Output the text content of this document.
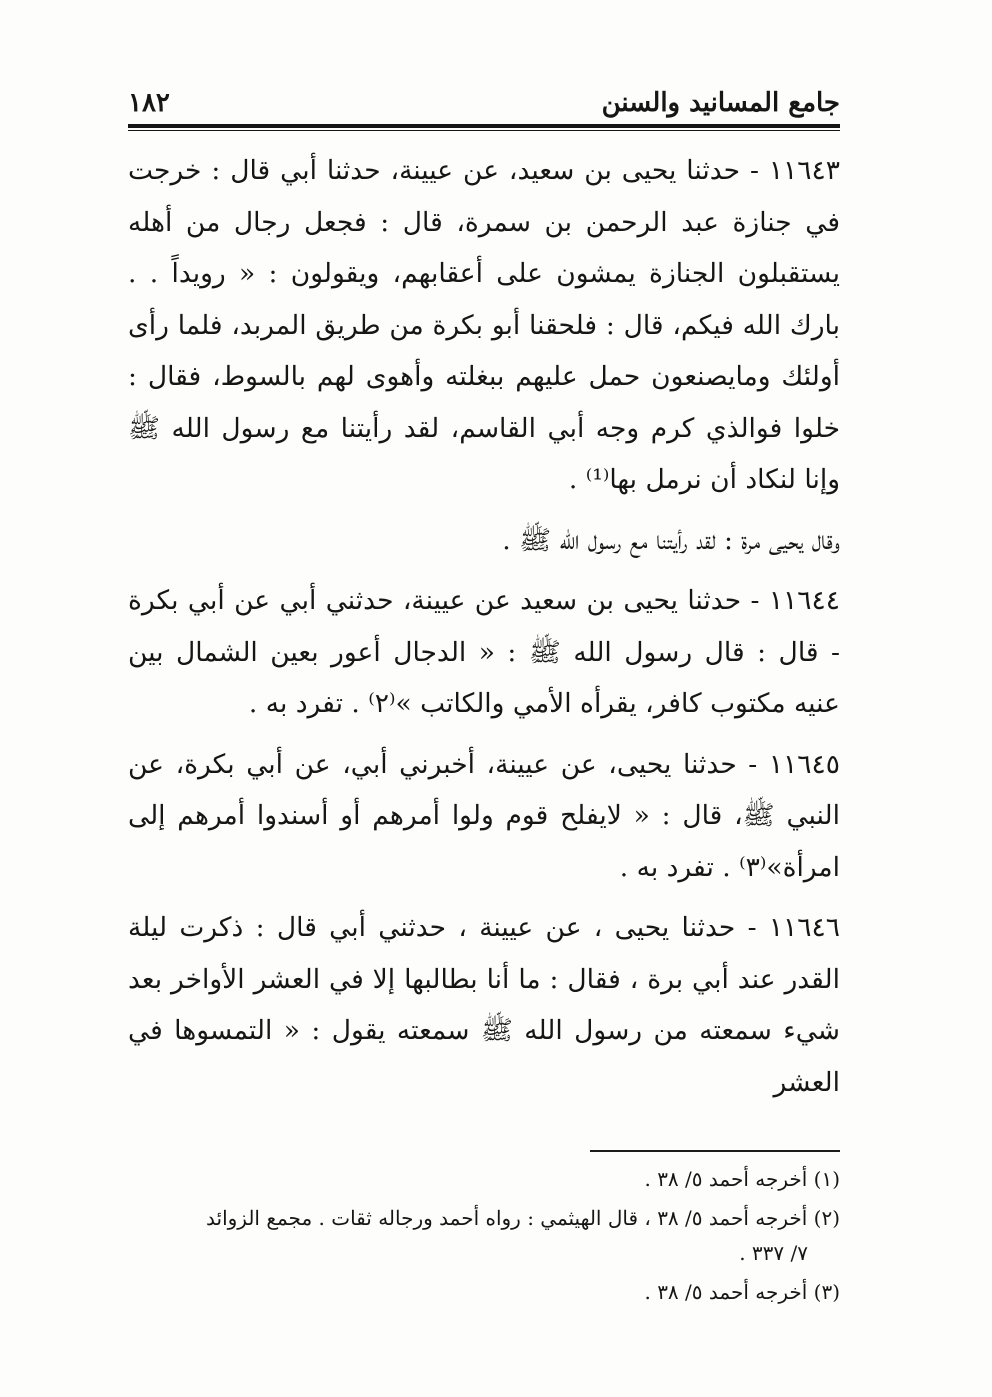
جامع المسانيد والسنن
١٨٢

١١٦٤٣ - حدثنا يحيى بن سعيد، عن عيينة، حدثنا أبي قال : خرجت في جنازة عبد الرحمن بن سمرة، قال : فجعل رجال من أهله يستقبلون الجنازة يمشون على أعقابهم، ويقولون : « رويداً . . بارك الله فيكم، قال : فلحقنا أبو بكرة من طريق المربد، فلما رأى أولئك ومايصنعون حمل عليهم ببغلته وأهوى لهم بالسوط، فقال : خلوا فوالذي كرم وجه أبي القاسم، لقد رأيتنا مع رسول الله ﷺ وإنا لنكاد أن نرمل بها⁽¹⁾ .

وقال يحيى مرة : لقد رأيتنا مع رسول الله ﷺ .

١١٦٤٤ - حدثنا يحيى بن سعيد عن عيينة، حدثني أبي عن أبي بكرة - قال : قال رسول الله ﷺ : « الدجال أعور بعين الشمال بين عنيه مكتوب كافر، يقرأه الأمي والكاتب »⁽٢⁾ . تفرد به .

١١٦٤٥ - حدثنا يحيى، عن عيينة، أخبرني أبي، عن أبي بكرة، عن النبي ﷺ، قال : « لايفلح قوم ولوا أمرهم أو أسندوا أمرهم إلى امرأة»⁽٣⁾ . تفرد به .

١١٦٤٦ - حدثنا يحيى ، عن عيينة ، حدثني أبي قال : ذكرت ليلة القدر عند أبي برة ، فقال : ما أنا بطالبها إلا في العشر الأواخر بعد شيء سمعته من رسول الله ﷺ سمعته يقول : « التمسوها في العشر

(١) أخرجه أحمد ٥/ ٣٨ .

(٢) أخرجه أحمد ٥/ ٣٨ ، قال الهيثمي : رواه أحمد ورجاله ثقات . مجمع الزوائد
٧/ ٣٣٧ .

(٣) أخرجه أحمد ٥/ ٣٨ .
